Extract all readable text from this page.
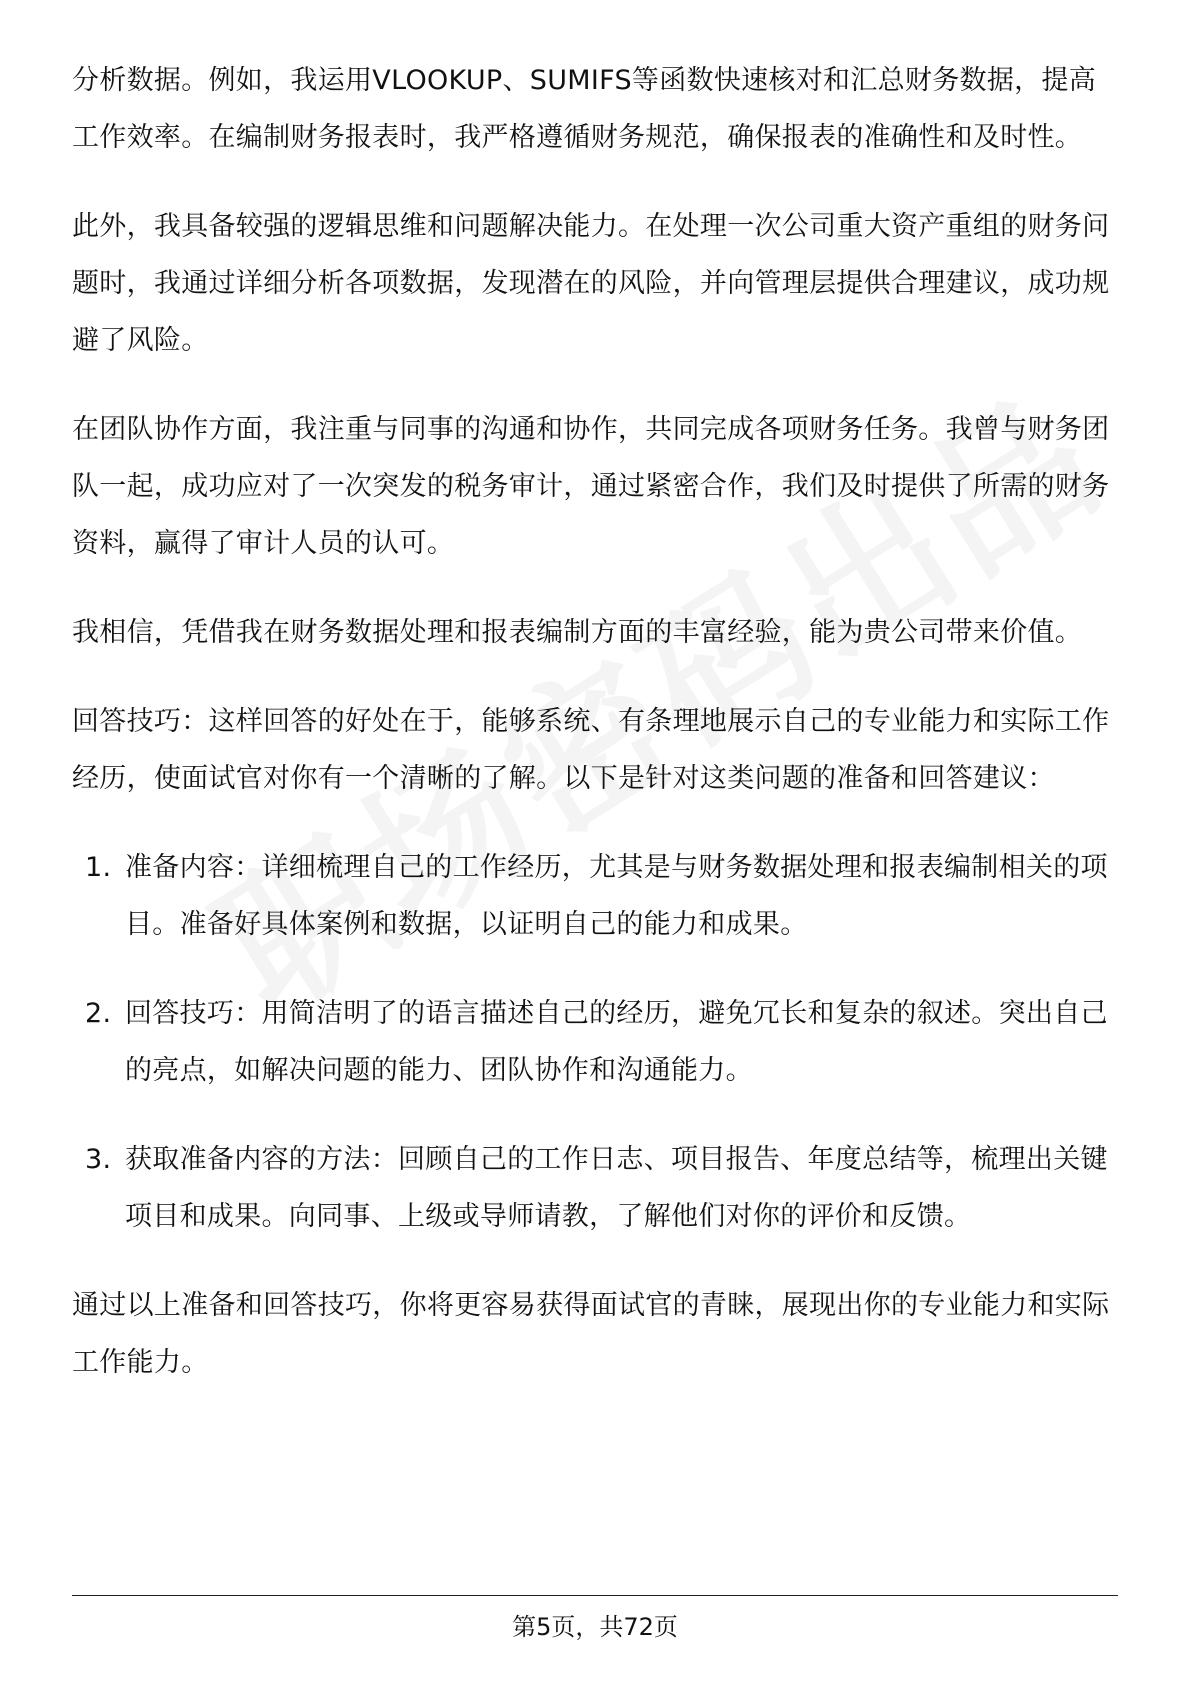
分析数据。例如，我运用VLOOKUP、SUMIFS等函数快速核对和汇总财务数据，提高工作效率。在编制财务报表时，我严格遵循财务规范，确保报表的准确性和及时性。

此外，我具备较强的逻辑思维和问题解决能力。在处理一次公司重大资产重组的财务问题时，我通过详细分析各项数据，发现潜在的风险，并向管理层提供合理建议，成功规避了风险。

在团队协作方面，我注重与同事的沟通和协作，共同完成各项财务任务。我曾与财务团队一起，成功应对了一次突发的税务审计，通过紧密合作，我们及时提供了所需的财务资料，赢得了审计人员的认可。

我相信，凭借我在财务数据处理和报表编制方面的丰富经验，能为贵公司带来价值。

回答技巧：这样回答的好处在于，能够系统、有条理地展示自己的专业能力和实际工作经历，使面试官对你有一个清晰的了解。以下是针对这类问题的准备和回答建议：

1. 准备内容：详细梳理自己的工作经历，尤其是与财务数据处理和报表编制相关的项目。准备好具体案例和数据，以证明自己的能力和成果。
2. 回答技巧：用简洁明了的语言描述自己的经历，避免冗长和复杂的叙述。突出自己的亮点，如解决问题的能力、团队协作和沟通能力。
3. 获取准备内容的方法：回顾自己的工作日志、项目报告、年度总结等，梳理出关键项目和成果。向同事、上级或导师请教，了解他们对你的评价和反馈。

通过以上准备和回答技巧，你将更容易获得面试官的青睐，展现出你的专业能力和实际工作能力。

第5页，共72页
